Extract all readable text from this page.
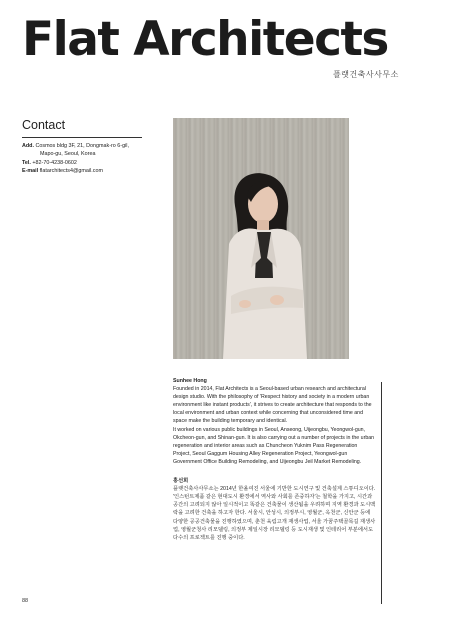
Flat Architects
플랫건축사사무소
Contact
Add. Cosmos bldg 3F, 21, Dongmak-ro 6-gil,
Mapo-gu, Seoul, Korea
Tel. +82-70-4238-0602
E-mail flatarchitects4@gmail.com
Sunhee Hong

Founded in 2014, Flat Architects is a Seoul-based urban research and architectural design studio. With the philosophy of 'Respect history and society in a modern urban environment like instant products', it strives to create architecture that responds to the local environment and urban context while concerning that unconsidered time and space make the building temporary and identical.

It worked on various public buildings in Seoul, Anseong, Uijeongbu, Yeongwol-gun, Okcheon-gun, and Shinan-gun. It is also carrying out a number of projects in the urban regeneration and interior areas such as Chuncheon Yuknim Pass Regeneration Project, Seoul Gaggum Housing Alley Regeneration Project, Yeongwol-gun Government Office Building Remodeling, and Uijeongbu Jeil Market Remodeling.

홍선희

플랫건축사사무소는 2014년 한올여진 서울에 기반한 도시연구 및 건축설계 스튜디오이다. '인스턴트제품 같은 현대도시 환경에서 역사와 사회를 존중하자'는 철학을 가지고, 시간과 공간의 고려되지 않아 일시적이고 똑같은 건축물이 생산됨을 우려하며 지역 환경과 도시맥락을 고려한 건축을 하고자 한다. 서울시, 안성시, 의정부시, 영월군, 옥천군, 신안군 등에 다양한 공공건축물을 진행하였으며, 춘천 육림고개 재생사업, 서울 가꿈주택골목길 재생사업, 영월군청사 리모델링, 의정부 제일시장 리모델링 등 도시재생 및 인테리어 부분에서도 다수의 프로젝트를 진행 중이다.

88
